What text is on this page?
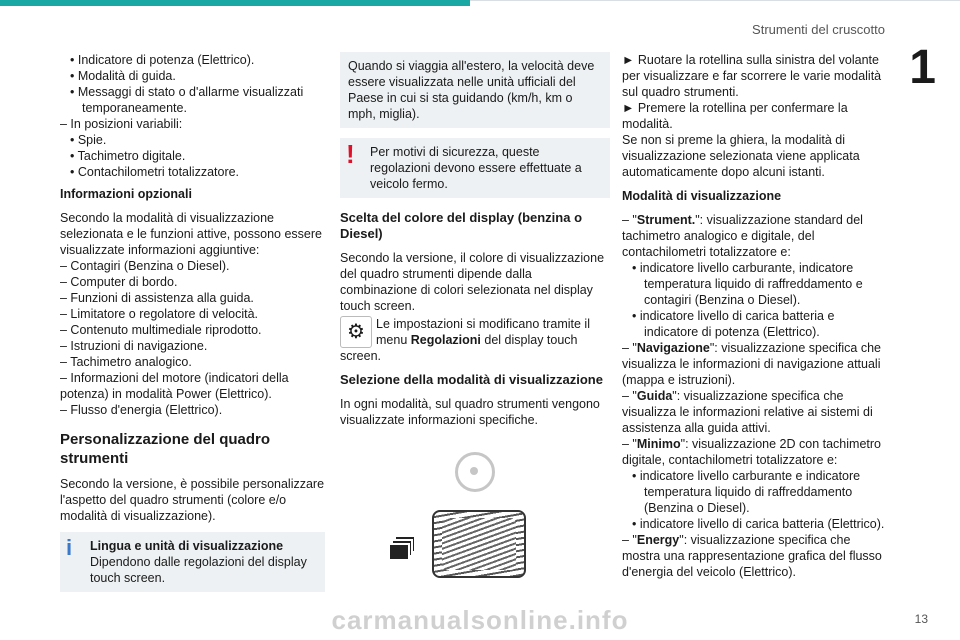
Strumenti del cruscotto
1
13
• Indicatore di potenza (Elettrico).
• Modalità di guida.
• Messaggi di stato o d'allarme visualizzati temporaneamente.
– In posizioni variabili:
• Spie.
• Tachimetro digitale.
• Contachilometri totalizzatore.
Informazioni opzionali
Secondo la modalità di visualizzazione selezionata e le funzioni attive, possono essere visualizzate informazioni aggiuntive:
– Contagiri (Benzina o Diesel).
– Computer di bordo.
– Funzioni di assistenza alla guida.
– Limitatore o regolatore di velocità.
– Contenuto multimediale riprodotto.
– Istruzioni di navigazione.
– Tachimetro analogico.
– Informazioni del motore (indicatori della potenza) in modalità Power (Elettrico).
– Flusso d'energia (Elettrico).
Personalizzazione del quadro strumenti
Secondo la versione, è possibile personalizzare l'aspetto del quadro strumenti (colore e/o modalità di visualizzazione).
i	Lingua e unità di visualizzazione
Dipendono dalle regolazioni del display touch screen.
Quando si viaggia all'estero, la velocità deve essere visualizzata nelle unità ufficiali del Paese in cui si sta guidando (km/h, km o mph, miglia).
!	Per motivi di sicurezza, queste regolazioni devono essere effettuate a veicolo fermo.
Scelta del colore del display (benzina o Diesel)
Secondo la versione, il colore di visualizzazione del quadro strumenti dipende dalla combinazione di colori selezionata nel display touch screen.
⚙ Le impostazioni si modificano tramite il menu Regolazioni del display touch screen.
Selezione della modalità di visualizzazione
In ogni modalità, sul quadro strumenti vengono visualizzate informazioni specifiche.
► Ruotare la rotellina sulla sinistra del volante per visualizzare e far scorrere le varie modalità sul quadro strumenti.
► Premere la rotellina per confermare la modalità.
Se non si preme la ghiera, la modalità di visualizzazione selezionata viene applicata automaticamente dopo alcuni istanti.
Modalità di visualizzazione
– "Strument.": visualizzazione standard del tachimetro analogico e digitale, del contachilometri totalizzatore e:
• indicatore livello carburante, indicatore temperatura liquido di raffreddamento e contagiri (Benzina o Diesel).
• indicatore livello di carica batteria e indicatore di potenza (Elettrico).
– "Navigazione": visualizzazione specifica che visualizza le informazioni di navigazione attuali (mappa e istruzioni).
– "Guida": visualizzazione specifica che visualizza le informazioni relative ai sistemi di assistenza alla guida attivi.
– "Minimo": visualizzazione 2D con tachimetro digitale, contachilometri totalizzatore e:
• indicatore livello carburante e indicatore temperatura liquido di raffreddamento (Benzina o Diesel).
• indicatore livello di carica batteria (Elettrico).
– "Energy": visualizzazione specifica che mostra una rappresentazione grafica del flusso d'energia del veicolo (Elettrico).
carmanualsonline.info
